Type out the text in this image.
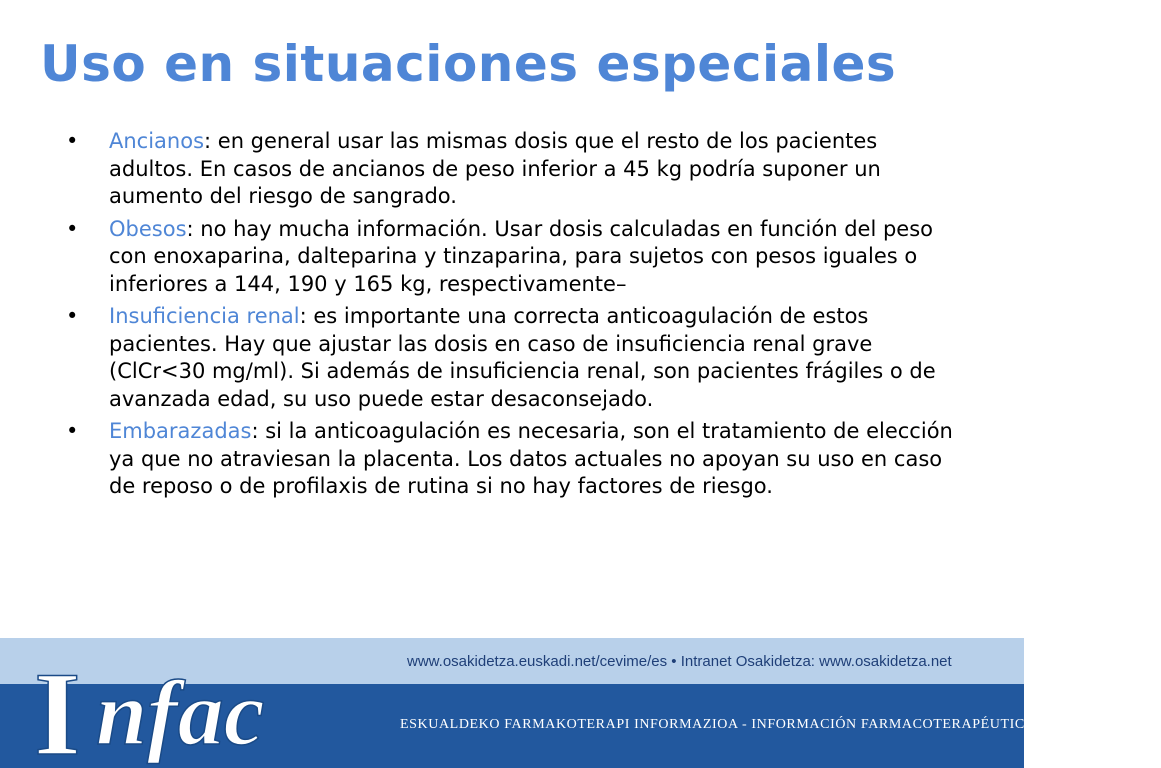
Uso en situaciones especiales
• Ancianos: en general usar las mismas dosis que el resto de los pacientes adultos. En casos de ancianos de peso inferior a 45 kg podría suponer un aumento del riesgo de sangrado.
• Obesos: no hay mucha información. Usar dosis calculadas en función del peso con enoxaparina, dalteparina y tinzaparina, para sujetos con pesos iguales o inferiores a 144, 190 y 165 kg, respectivamente–
• Insuficiencia renal: es importante una correcta anticoagulación de estos pacientes. Hay que ajustar las dosis en caso de insuficiencia renal grave (ClCr<30 mg/ml). Si además de insuficiencia renal, son pacientes frágiles o de avanzada edad, su uso puede estar desaconsejado.
• Embarazadas: si la anticoagulación es necesaria, son el tratamiento de elección ya que no atraviesan la placenta. Los datos actuales no apoyan su uso en caso de reposo o de profilaxis de rutina si no hay factores de riesgo.
www.osakidetza.euskadi.net/cevime/es • Intranet Osakidetza: www.osakidetza.net
ESKUALDEKO FARMAKOTERAPI INFORMAZIOA - INFORMACIÓN FARMACOTERAPÉUTICA DE LA COMARCA
I nfac
